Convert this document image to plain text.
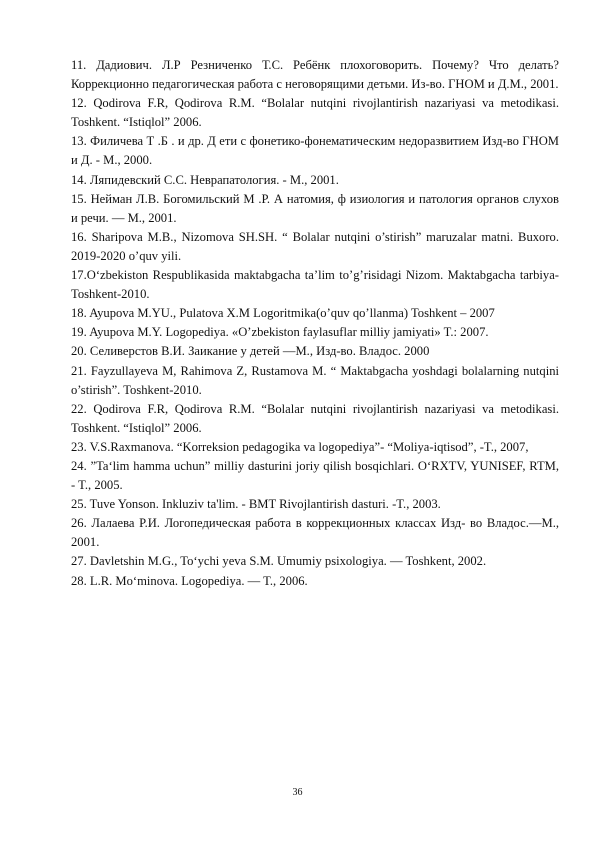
11. Дадиович. Л.Р Резниченко Т.С. Ребёнк плохоговорить. Почему? Что делать? Коррекционно педагогическая работа с неговорящими детьми. Из-во. ГНОМ и Д.М., 2001.

12. Qodirova F.R, Qodirova R.M. “Bolalar nutqini rivojlantirish nazariyasi va metodikasi. Toshkent. “Istiqlol” 2006.

13. Филичева Т .Б . и др. Д ети с фонетико-фонематическим недоразвитием Изд-во ГНОМ и Д. - М., 2000.

14. Ляпидевский С.С. Неврапатология. - М., 2001.

15. Нейман Л.В. Богомильский М .Р. А натомия, ф изиология и патология органов слухов и речи. — М., 2001.

16. Sharipova M.B., Nizomova SH.SH. “ Bolalar nutqini o’stirish” maruzalar matni. Buxoro. 2019-2020 o’quv yili.

17.O‘zbekiston Respublikasida maktabgacha ta’lim to’g’risidagi Nizom. Maktabgacha tarbiya-Toshkent-2010.

18. Ayupova M.YU., Pulatova X.M Logoritmika(o’quv qo’llanma) Toshkent – 2007

19. Ayupova M.Y. Logopediya. «O’zbekiston faylasuflar milliy jamiyati» T.: 2007.

20. Селиверстов В.И. Заикание у детей —М., Изд-во. Владос. 2000

21. Fayzullayeva M, Rahimova Z, Rustamova M. “ Maktabgacha yoshdagi bolalarning nutqini o’stirish”. Toshkent-2010.

22. Qodirova F.R, Qodirova R.M. “Bolalar nutqini rivojlantirish nazariyasi va metodikasi. Toshkent. “Istiqlol” 2006.

23. V.S.Raxmanova. “Korreksion pedagogika va logopediya”- “Moliya-iqtisod”, -T., 2007,

24. ”Ta‘lim hamma uchun” milliy dasturini joriy qilish bosqichlari. O‘RXTV, YUNISEF, RTM, - T., 2005.

25. Tuve Yonson. Inkluziv ta'lim. - BMT Rivojlantirish dasturi. -T., 2003.

26. Лалаева Р.И. Логопедическая работа в коррекционных классах Изд- во Владос.—М., 2001.

27. Davletshin M.G., To‘ychi yeva S.M. Umumiy psixologiya. — Toshkent, 2002.

28. L.R. Mo‘minova. Logopediya. — T., 2006.

36
